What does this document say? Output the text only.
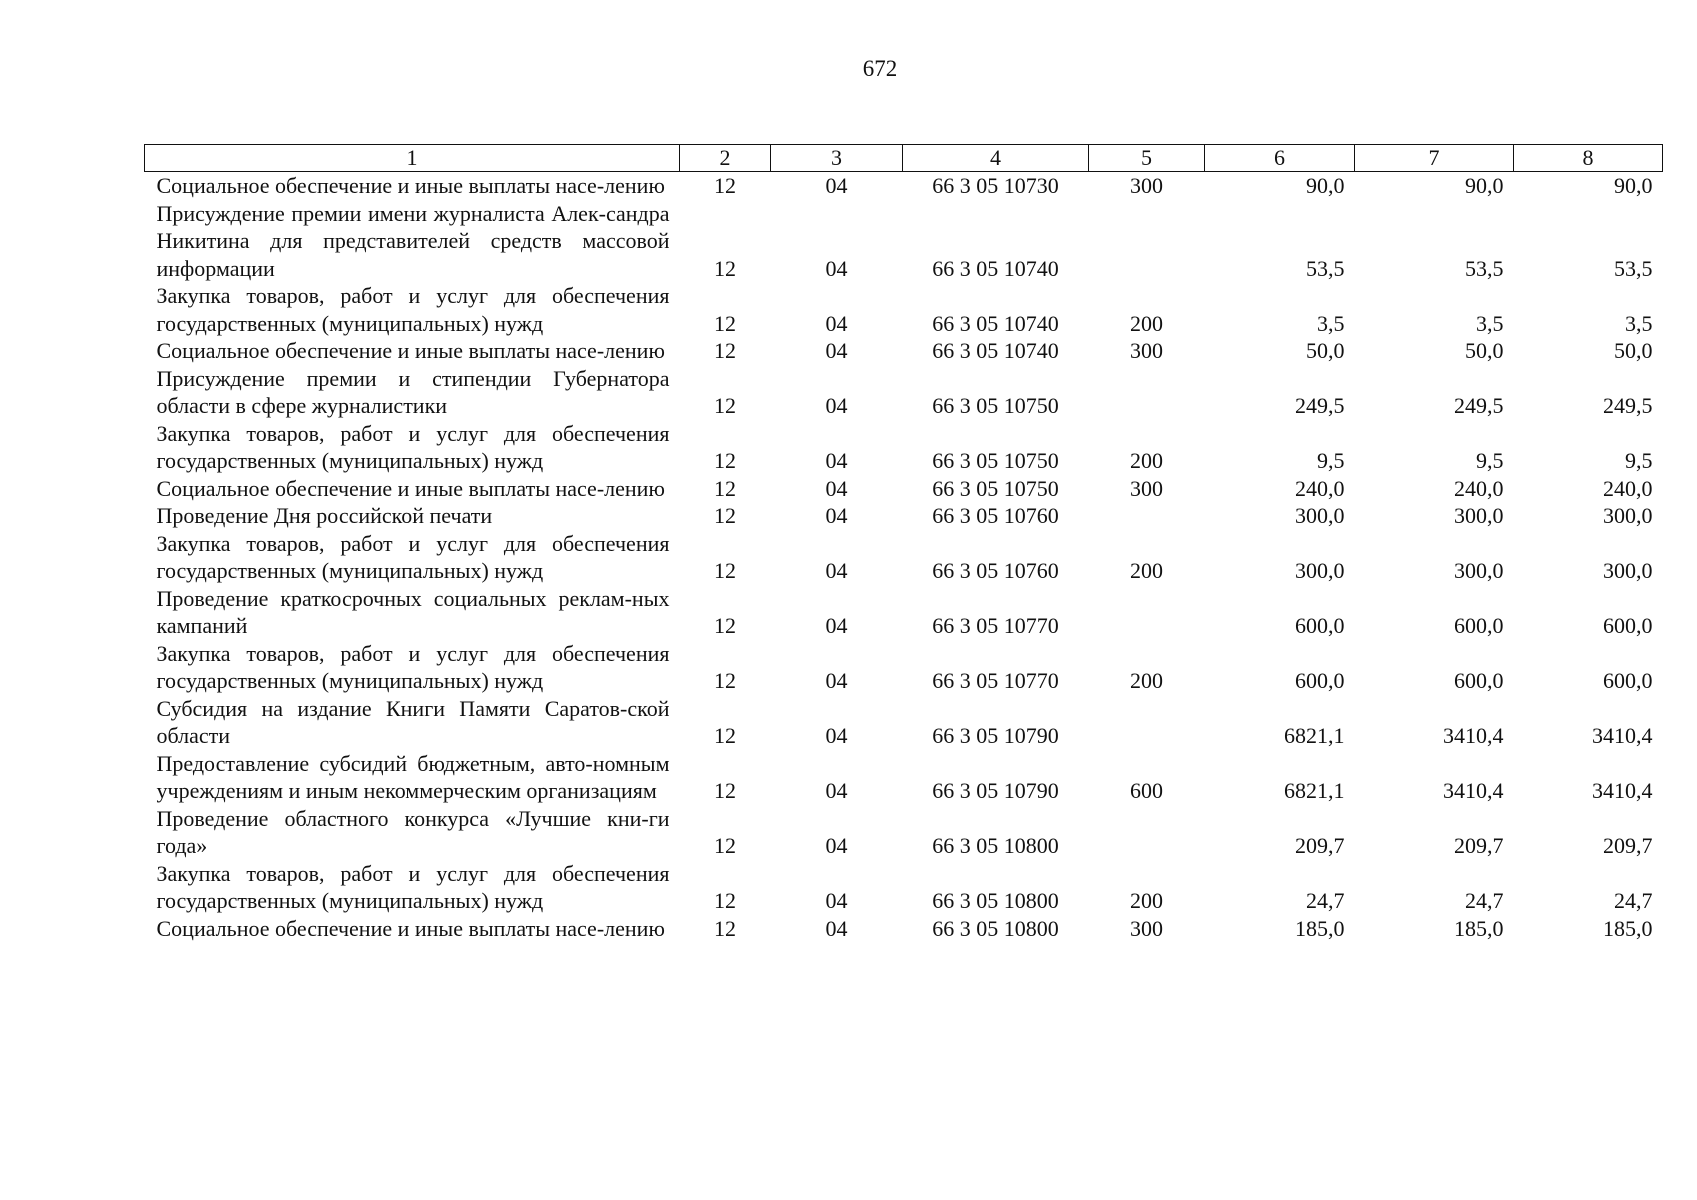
672
1	2	3	4	5	6	7	8
Социальное обеспечение и иные выплаты насе-лению	12	04	66 3 05 10730	300	90,0	90,0	90,0
Присуждение премии имени журналиста Алек-сандра Никитина для представителей средств массовой информации	12	04	66 3 05 10740		53,5	53,5	53,5
Закупка товаров, работ и услуг для обеспечения государственных (муниципальных) нужд	12	04	66 3 05 10740	200	3,5	3,5	3,5
Социальное обеспечение и иные выплаты насе-лению	12	04	66 3 05 10740	300	50,0	50,0	50,0
Присуждение премии и стипендии Губернатора области в сфере журналистики	12	04	66 3 05 10750		249,5	249,5	249,5
Закупка товаров, работ и услуг для обеспечения государственных (муниципальных) нужд	12	04	66 3 05 10750	200	9,5	9,5	9,5
Социальное обеспечение и иные выплаты насе-лению	12	04	66 3 05 10750	300	240,0	240,0	240,0
Проведение Дня российской печати	12	04	66 3 05 10760		300,0	300,0	300,0
Закупка товаров, работ и услуг для обеспечения государственных (муниципальных) нужд	12	04	66 3 05 10760	200	300,0	300,0	300,0
Проведение краткосрочных социальных реклам-ных кампаний	12	04	66 3 05 10770		600,0	600,0	600,0
Закупка товаров, работ и услуг для обеспечения государственных (муниципальных) нужд	12	04	66 3 05 10770	200	600,0	600,0	600,0
Субсидия на издание Книги Памяти Саратов-ской области	12	04	66 3 05 10790		6821,1	3410,4	3410,4
Предоставление субсидий бюджетным, авто-номным учреждениям и иным некоммерческим организациям	12	04	66 3 05 10790	600	6821,1	3410,4	3410,4
Проведение областного конкурса «Лучшие кни-ги года»	12	04	66 3 05 10800		209,7	209,7	209,7
Закупка товаров, работ и услуг для обеспечения государственных (муниципальных) нужд	12	04	66 3 05 10800	200	24,7	24,7	24,7
Социальное обеспечение и иные выплаты насе-лению	12	04	66 3 05 10800	300	185,0	185,0	185,0
